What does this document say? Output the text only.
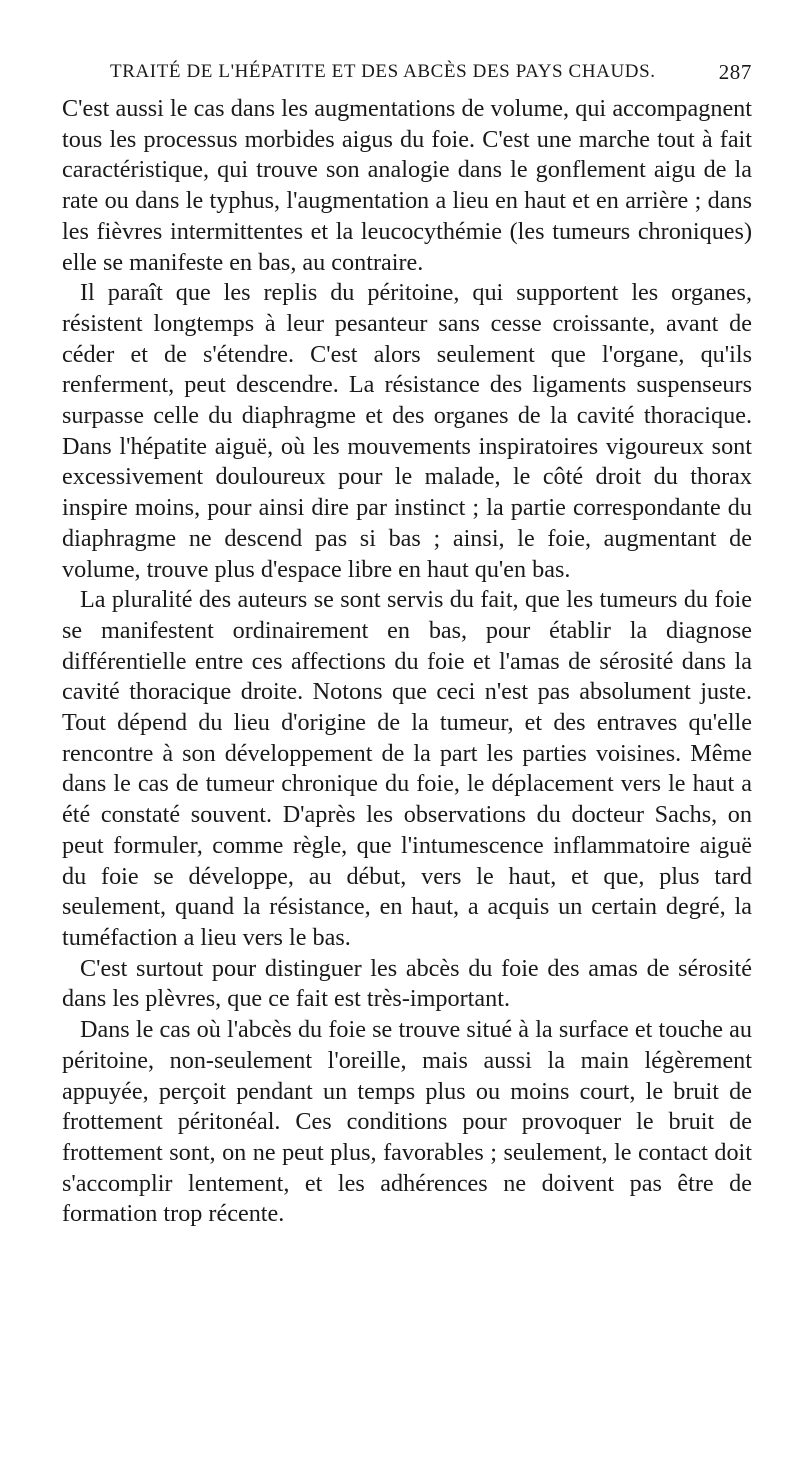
TRAITÉ DE L'HÉPATITE ET DES ABCÈS DES PAYS CHAUDS.	287

C'est aussi le cas dans les augmentations de volume, qui accompagnent tous les processus morbides aigus du foie. C'est une marche tout à fait caractéristique, qui trouve son analogie dans le gonflement aigu de la rate ou dans le typhus, l'augmentation a lieu en haut et en arrière ; dans les fièvres intermittentes et la leucocythémie (les tumeurs chroniques) elle se manifeste en bas, au contraire.

Il paraît que les replis du péritoine, qui supportent les organes, résistent longtemps à leur pesanteur sans cesse croissante, avant de céder et de s'étendre. C'est alors seulement que l'organe, qu'ils renferment, peut descendre. La résistance des ligaments suspenseurs surpasse celle du diaphragme et des organes de la cavité thoracique. Dans l'hépatite aiguë, où les mouvements inspiratoires vigoureux sont excessivement douloureux pour le malade, le côté droit du thorax inspire moins, pour ainsi dire par instinct ; la partie correspondante du diaphragme ne descend pas si bas ; ainsi, le foie, augmentant de volume, trouve plus d'espace libre en haut qu'en bas.

La pluralité des auteurs se sont servis du fait, que les tumeurs du foie se manifestent ordinairement en bas, pour établir la diagnose différentielle entre ces affections du foie et l'amas de sérosité dans la cavité thoracique droite. Notons que ceci n'est pas absolument juste. Tout dépend du lieu d'origine de la tumeur, et des entraves qu'elle rencontre à son développement de la part les parties voisines. Même dans le cas de tumeur chronique du foie, le déplacement vers le haut a été constaté souvent. D'après les observations du docteur Sachs, on peut formuler, comme règle, que l'intumescence inflammatoire aiguë du foie se développe, au début, vers le haut, et que, plus tard seulement, quand la résistance, en haut, a acquis un certain degré, la tuméfaction a lieu vers le bas.

C'est surtout pour distinguer les abcès du foie des amas de sérosité dans les plèvres, que ce fait est très-important.

Dans le cas où l'abcès du foie se trouve situé à la surface et touche au péritoine, non-seulement l'oreille, mais aussi la main légèrement appuyée, perçoit pendant un temps plus ou moins court, le bruit de frottement péritonéal. Ces conditions pour provoquer le bruit de frottement sont, on ne peut plus, favorables ; seulement, le contact doit s'accomplir lentement, et les adhérences ne doivent pas être de formation trop récente.
